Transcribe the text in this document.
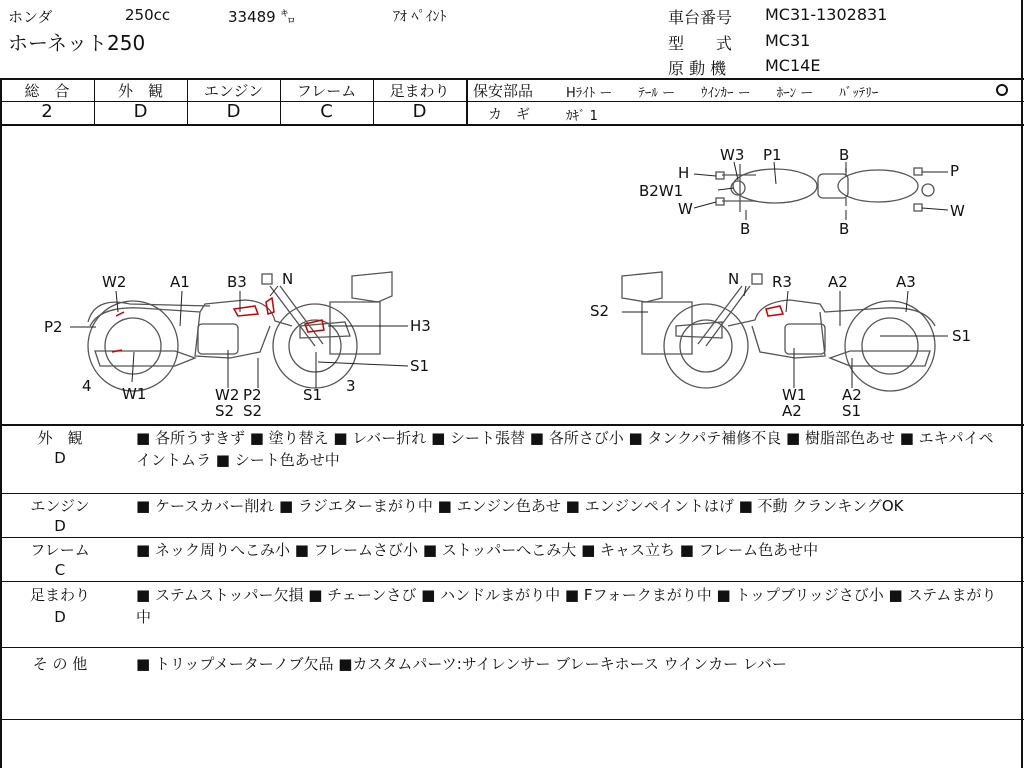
ホンダ	250cc	33489 ㌔	ｱｵ ﾍﾟｲﾝﾄ
ホーネット250
車台番号 MC31-1302831
型　　式 MC31
原 動 機 MC14E
総　合	外　観	エンジン	フレーム	足まわり
2	D	D	C	D
保安部品	Hﾗｲﾄ ー　　ﾃｰﾙ ー　　ｳｲﾝｶｰ ー　　ﾎｰﾝ ー　　ﾊﾞｯﾃﾘｰ
カ　ギ	ｶｷﾞ 1
H
W3 P1	B
P
B2W1
W	W
B	B
W2	A1 B3 N
P2	H3
S1
4 W1	W2
S2
P2
S2
S1 3
N R3 A2	A3
S2
S1
W1
A2
A2
S1
外　観
D
■ 各所うすきず ■ 塗り替え ■ レバー折れ ■ シート張替 ■ 各所さび小 ■ タンクパテ補修不良 ■ 樹脂部色あせ ■ エキパイペイントムラ ■ シート色あせ中
エンジン
D
■ ケースカバー削れ ■ ラジエターまがり中 ■ エンジン色あせ ■ エンジンペイントはげ ■ 不動 クランキングOK
フレーム
C
■ ネック周りへこみ小 ■ フレームさび小 ■ ストッパーへこみ大 ■ キャス立ち ■ フレーム色あせ中
足まわり
D
■ ステムストッパー欠損 ■ チェーンさび ■ ハンドルまがり中 ■ Fフォークまがり中 ■ トップブリッジさび小 ■ ステムまがり中
そ の 他	■ トリップメーターノブ欠品 ■カスタムパーツ:サイレンサー ブレーキホース ウインカー レバー
